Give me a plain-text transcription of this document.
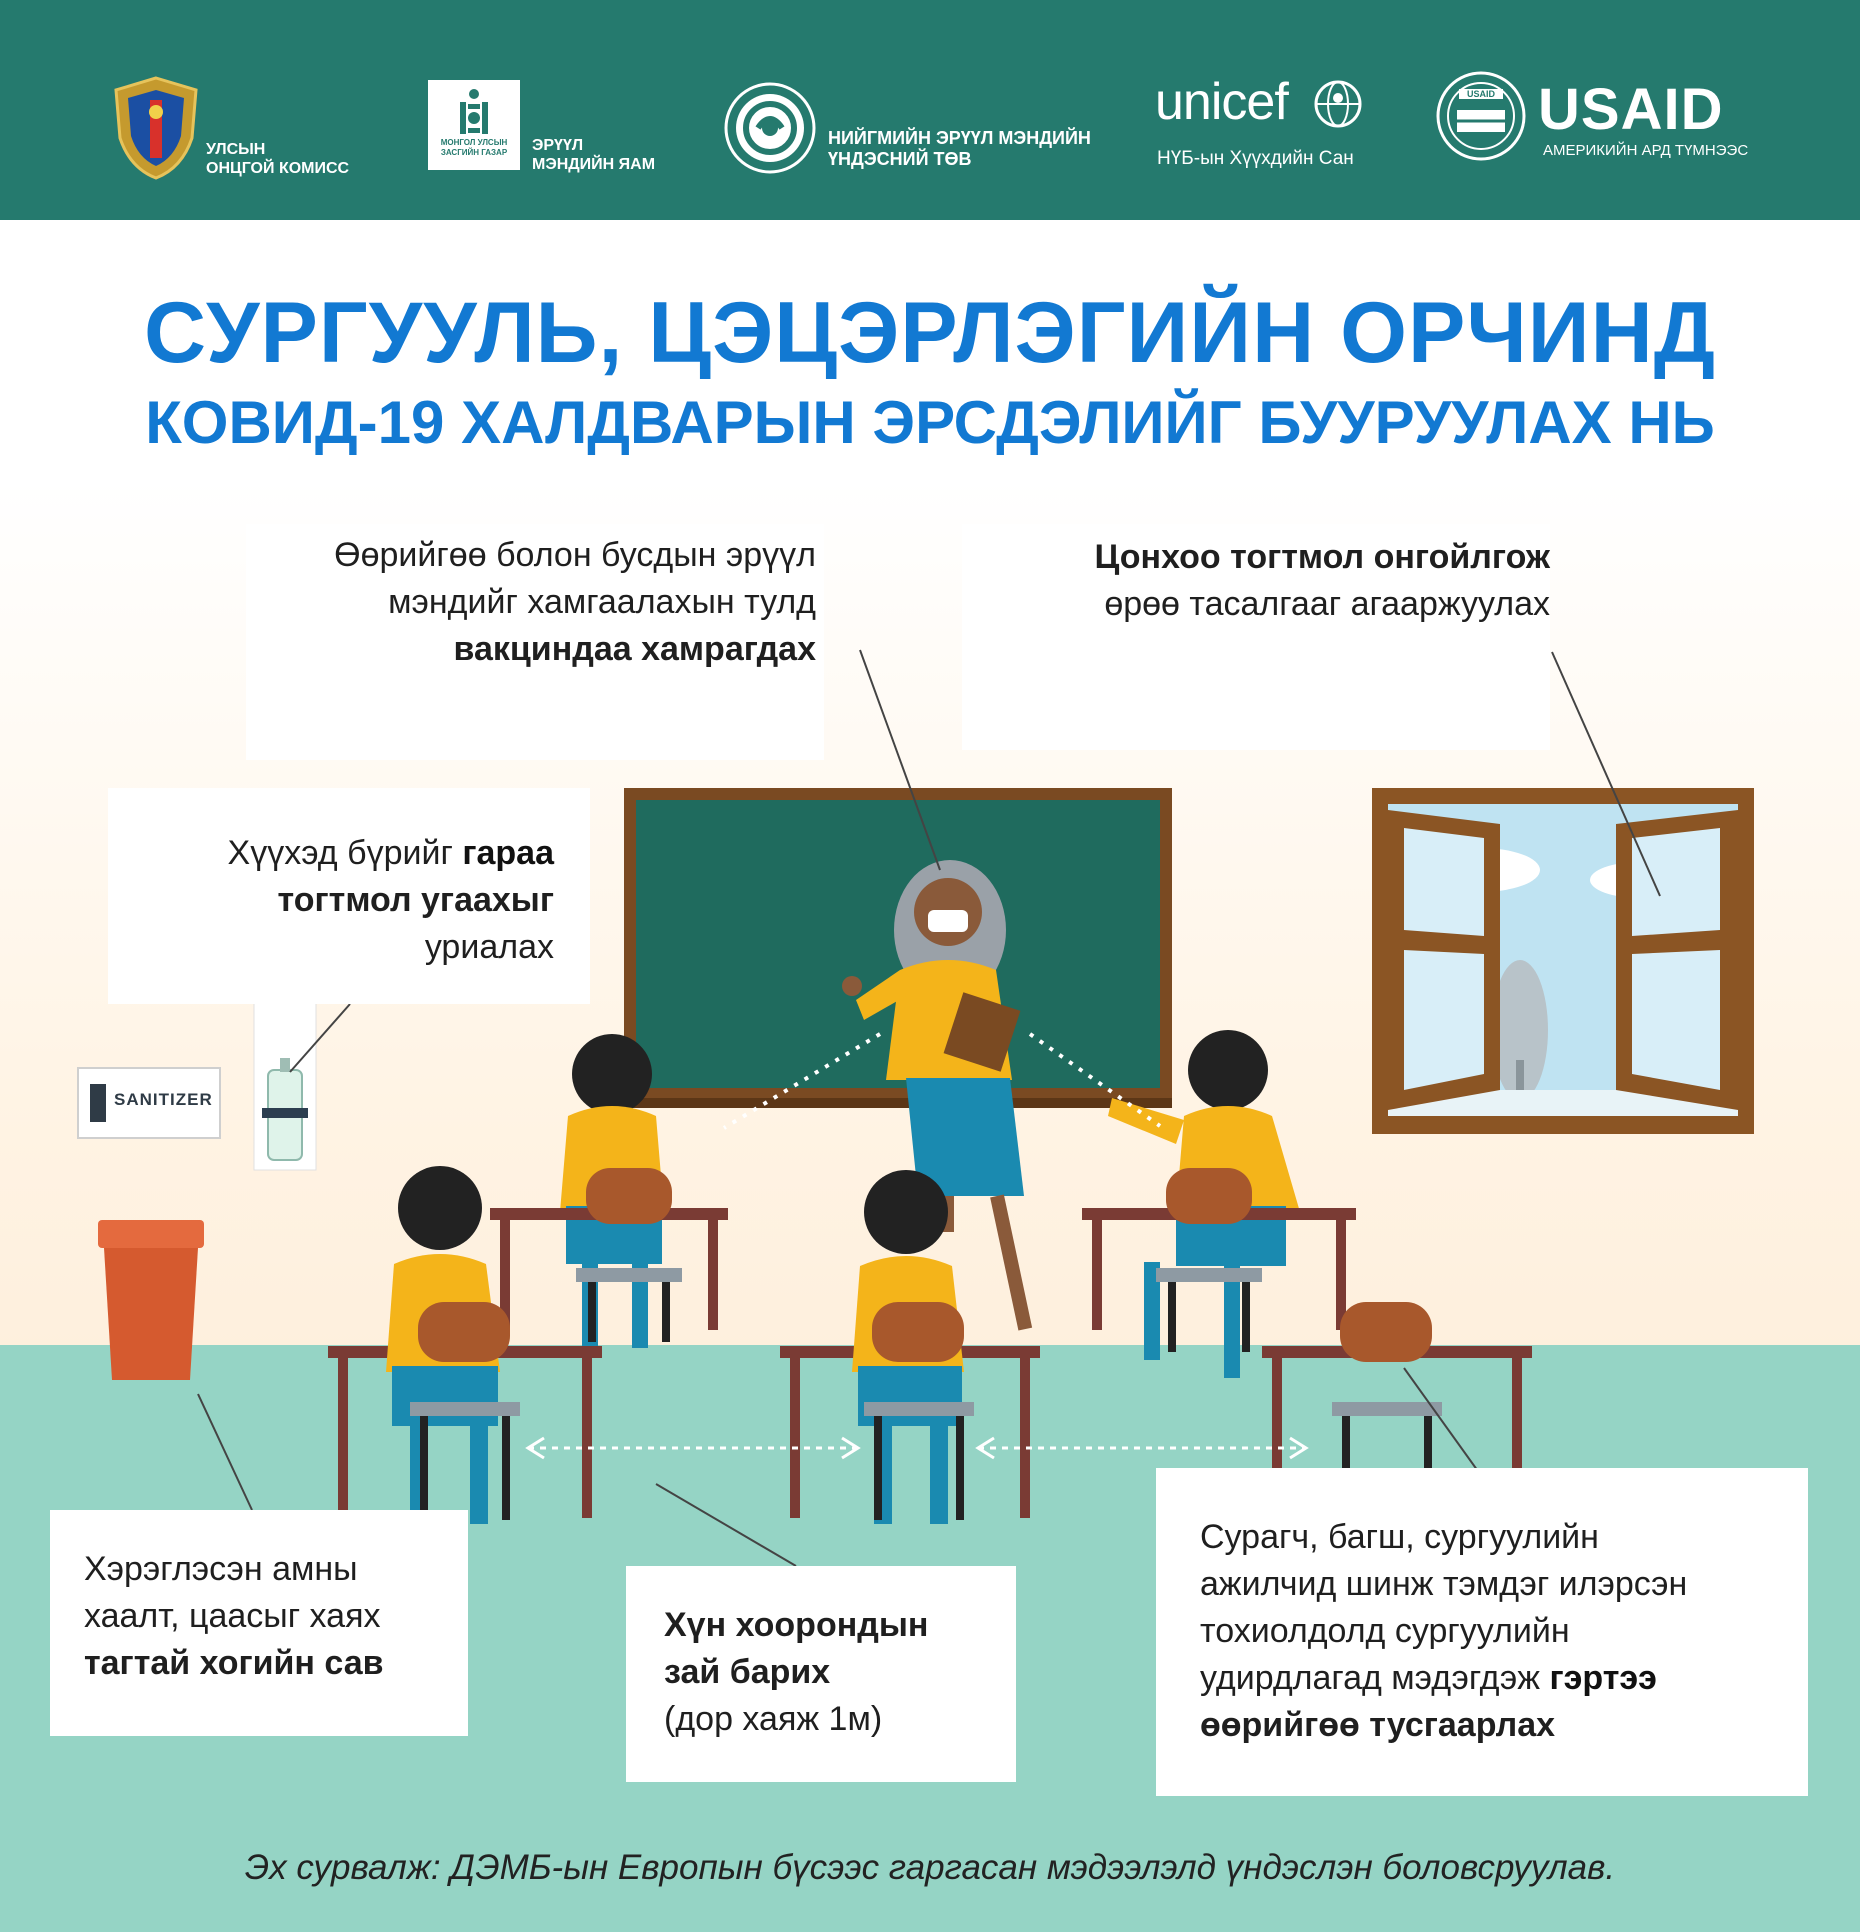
УЛСЫН
ОНЦГОЙ КОМИСС
МОНГОЛ УЛСЫН
ЗАСГИЙН ГАЗАР	ЭРҮҮЛ
МЭНДИЙН ЯАМ
НИЙГМИЙН ЭРҮҮЛ МЭНДИЙН
ҮНДЭСНИЙ ТӨВ
unicef
НҮБ-ын Хүүхдийн Сан
USAID USAID
АМЕРИКИЙН АРД ТҮМНЭЭС
СУРГУУЛЬ, ЦЭЦЭРЛЭГИЙН ОРЧИНД
КОВИД-19 ХАЛДВАРЫН ЭРСДЭЛИЙГ БУУРУУЛАХ НЬ
SANITIZER
Өөрийгөө болон бусдын эрүүл
мэндийг хамгаалахын тулд
вакциндаа хамрагдах
Цонхоо тогтмол онгойлгож
өрөө тасалгааг агааржуулах
Хүүхэд бүрийг гараа
тогтмол угаахыг
уриалах
Хэрэглэсэн амны
хаалт, цаасыг хаях
тагтай хогийн сав
Хүн хоорондын
зай барих
(дор хаяж 1м)
Сурагч, багш, сургуулийн
ажилчид шинж тэмдэг илэрсэн
тохиолдолд сургуулийн
удирдлагад мэдэгдэж гэртээ
өөрийгөө тусгаарлах
Эх сурвалж: ДЭМБ-ын Европын бүсээс гаргасан мэдээлэлд үндэслэн боловсруулав.
